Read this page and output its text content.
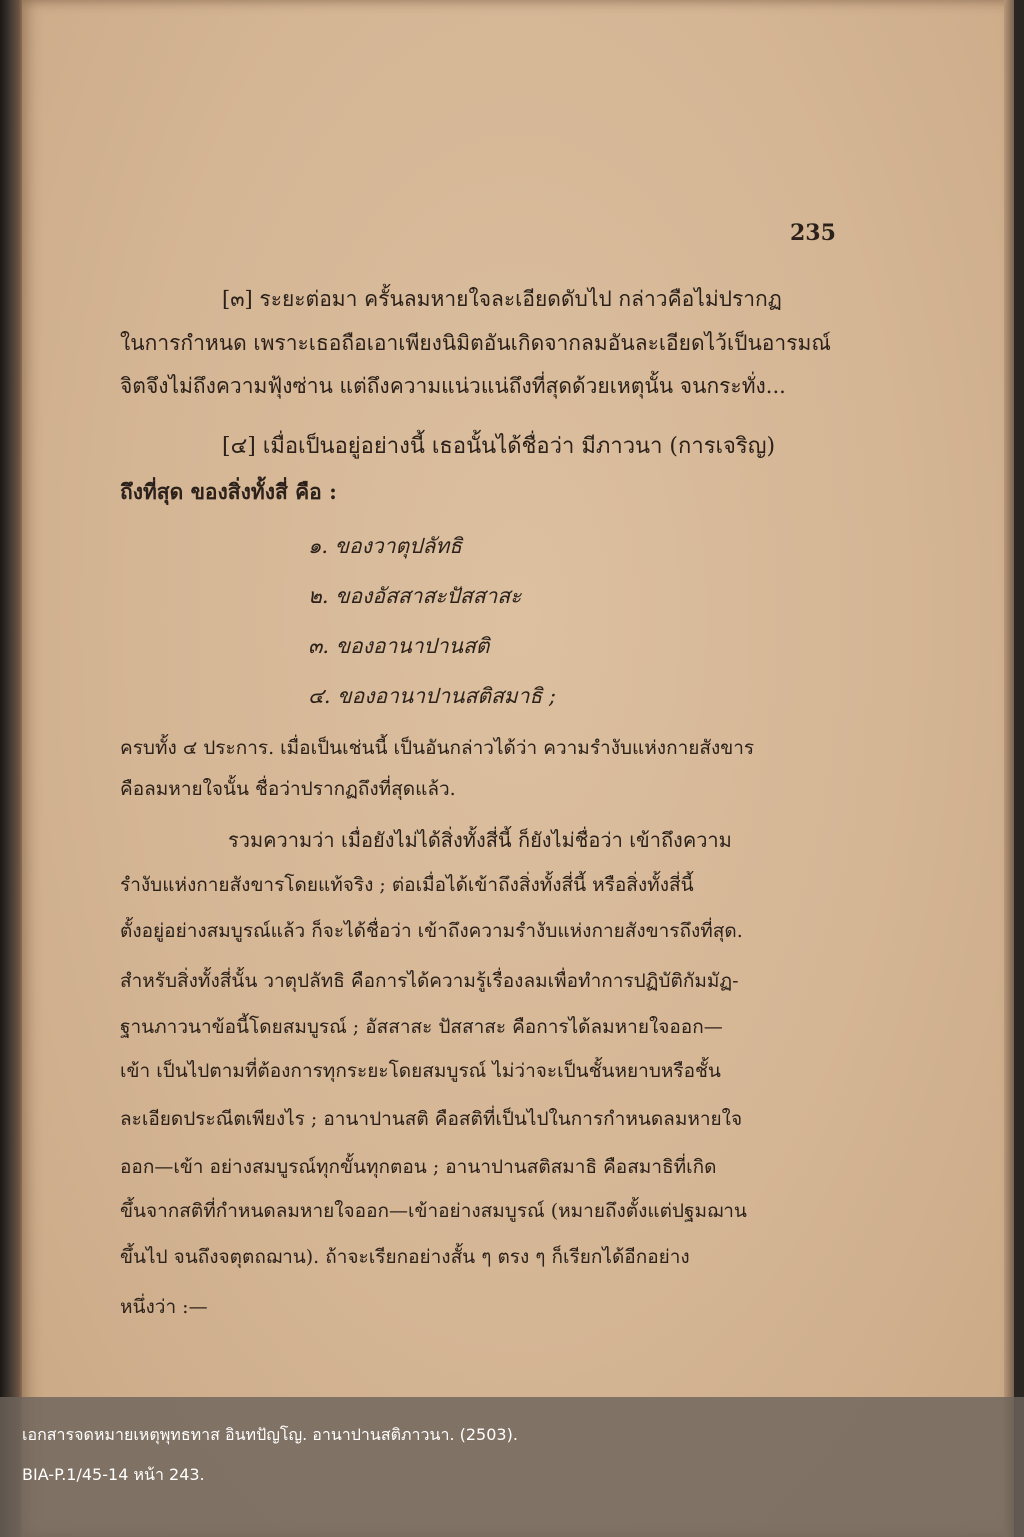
235
[๓] ระยะต่อมา ครั้นลมหายใจละเอียดดับไป กล่าวคือไม่ปรากฏ
ในการกำหนด เพราะเธอถือเอาเพียงนิมิตอันเกิดจากลมอันละเอียดไว้เป็นอารมณ์
จิตจึงไม่ถึงความฟุ้งซ่าน แต่ถึงความแน่วแน่ถึงที่สุดด้วยเหตุนั้น จนกระทั่ง...
[๔] เมื่อเป็นอยู่อย่างนี้ เธอนั้นได้ชื่อว่า มีภาวนา (การเจริญ)
ถึงที่สุด ของสิ่งทั้งสี่ คือ :
๑. ของวาตุปลัทธิ
๒. ของอัสสาสะปัสสาสะ
๓. ของอานาปานสติ
๔. ของอานาปานสติสมาธิ ;
ครบทั้ง ๔ ประการ. เมื่อเป็นเช่นนี้ เป็นอันกล่าวได้ว่า ความรำงับแห่งกายสังขาร
คือลมหายใจนั้น ชื่อว่าปรากฏถึงที่สุดแล้ว.
รวมความว่า เมื่อยังไม่ได้สิ่งทั้งสี่นี้ ก็ยังไม่ชื่อว่า เข้าถึงความ
รำงับแห่งกายสังขารโดยแท้จริง ; ต่อเมื่อได้เข้าถึงสิ่งทั้งสี่นี้ หรือสิ่งทั้งสี่นี้
ตั้งอยู่อย่างสมบูรณ์แล้ว ก็จะได้ชื่อว่า เข้าถึงความรำงับแห่งกายสังขารถึงที่สุด.
สำหรับสิ่งทั้งสี่นั้น วาตุปลัทธิ คือการได้ความรู้เรื่องลมเพื่อทำการปฏิบัติกัมมัฏ-
ฐานภาวนาข้อนี้โดยสมบูรณ์ ; อัสสาสะ ปัสสาสะ คือการได้ลมหายใจออก—
เข้า เป็นไปตามที่ต้องการทุกระยะโดยสมบูรณ์ ไม่ว่าจะเป็นชั้นหยาบหรือชั้น
ละเอียดประณีตเพียงไร ; อานาปานสติ คือสติที่เป็นไปในการกำหนดลมหายใจ
ออก—เข้า อย่างสมบูรณ์ทุกขั้นทุกตอน ; อานาปานสติสมาธิ คือสมาธิที่เกิด
ขึ้นจากสติที่กำหนดลมหายใจออก—เข้าอย่างสมบูรณ์ (หมายถึงตั้งแต่ปฐมฌาน
ขึ้นไป จนถึงจตุตถฌาน). ถ้าจะเรียกอย่างสั้น ๆ ตรง ๆ ก็เรียกได้อีกอย่าง
หนึ่งว่า :—
เอกสารจดหมายเหตุพุทธทาส อินทปัญโญ. อานาปานสติภาวนา. (2503).
BIA-P.1/45-14 หน้า 243.
